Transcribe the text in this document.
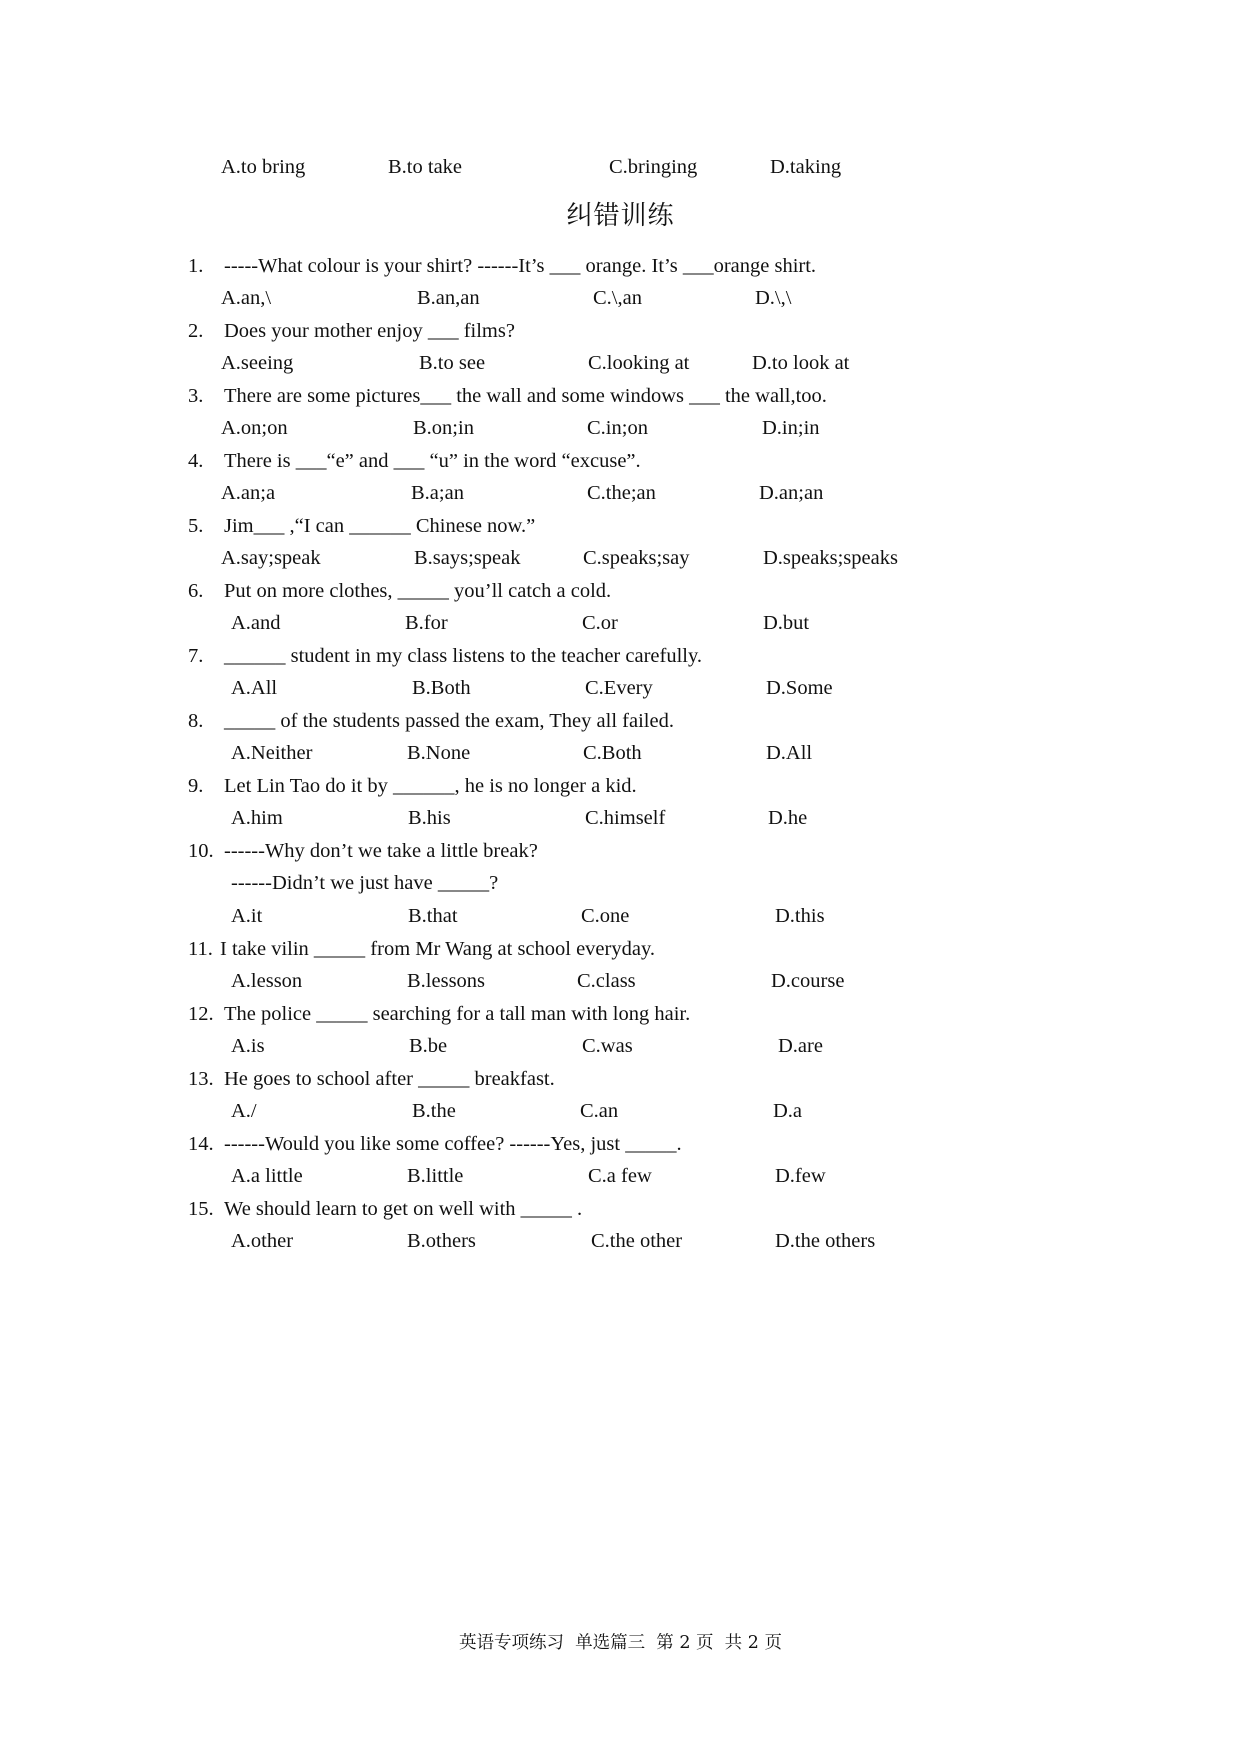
A.to bring	B.to take	C.bringing	D.taking
纠错训练
1. -----What colour is your shirt? ------It’s ___ orange. It’s ___orange shirt.
A.an,\	B.an,an	C.\,an	D.\,\
2. Does your mother enjoy ___ films?
A.seeing	B.to see	C.looking at	D.to look at
3. There are some pictures___ the wall and some windows ___ the wall,too.
A.on;on	B.on;in	C.in;on	D.in;in
4. There is ___“e” and ___ “u” in the word “excuse”.
A.an;a	B.a;an	C.the;an	D.an;an
5. Jim___ ,“I can ______ Chinese now.”
A.say;speak	B.says;speak	C.speaks;say	D.speaks;speaks
6. Put on more clothes, _____ you’ll catch a cold.
A.and	B.for	C.or	D.but
7. ______ student in my class listens to the teacher carefully.
A.All	B.Both	C.Every	D.Some
8. _____ of the students passed the exam, They all failed.
A.Neither	B.None	C.Both	D.All
9. Let Lin Tao do it by ______, he is no longer a kid.
A.him	B.his	C.himself	D.he
10. ------Why don’t we take a little break?
------Didn’t we just have _____?
A.it	B.that	C.one	D.this
11. I take vilin _____ from Mr Wang at school everyday.
A.lesson	B.lessons	C.class	D.course
12. The police _____ searching for a tall man with long hair.
A.is	B.be	C.was	D.are
13. He goes to school after _____ breakfast.
A./	B.the	C.an	D.a
14. ------Would you like some coffee? ------Yes, just _____.
A.a little	B.little	C.a few	D.few
15. We should learn to get on well with _____ .
A.other	B.others	C.the other	D.the others
英语专项练习  单选篇三  第 2 页  共 2 页
